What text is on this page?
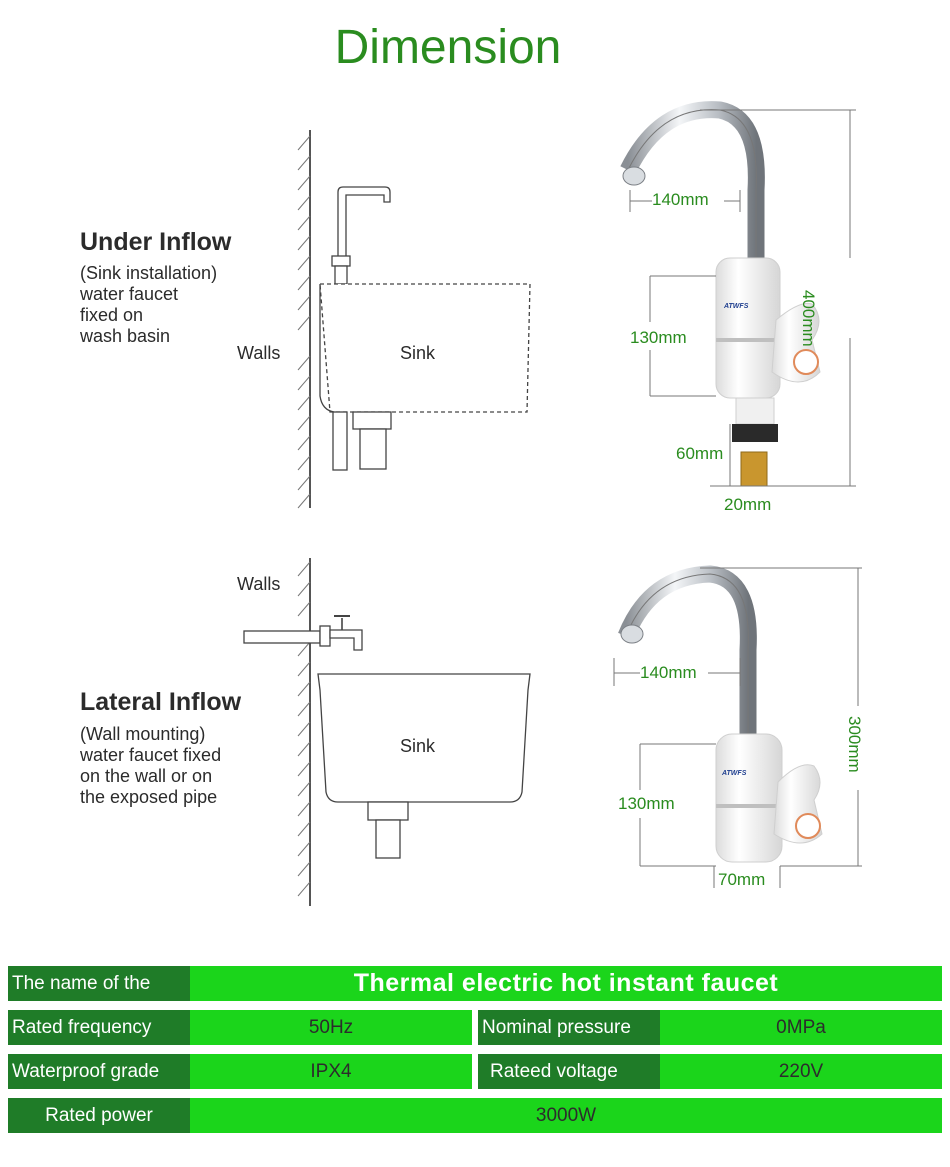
Dimension
Under Inflow
(Sink installation)
water faucet
fixed on
wash basin
Walls	Sink
ATWFS
140mm
130mm
60mm
20mm
400mm
Lateral Inflow
(Wall mounting)
water faucet fixed
on the wall or on
the exposed pipe
Walls
Sink
ATWFS
140mm
130mm
70mm
300mm
The name of the	Thermal electric hot instant faucet
Rated frequency	50Hz	Nominal pressure	0MPa
Waterproof grade	IPX4	Rateed voltage	220V
Rated power	3000W
